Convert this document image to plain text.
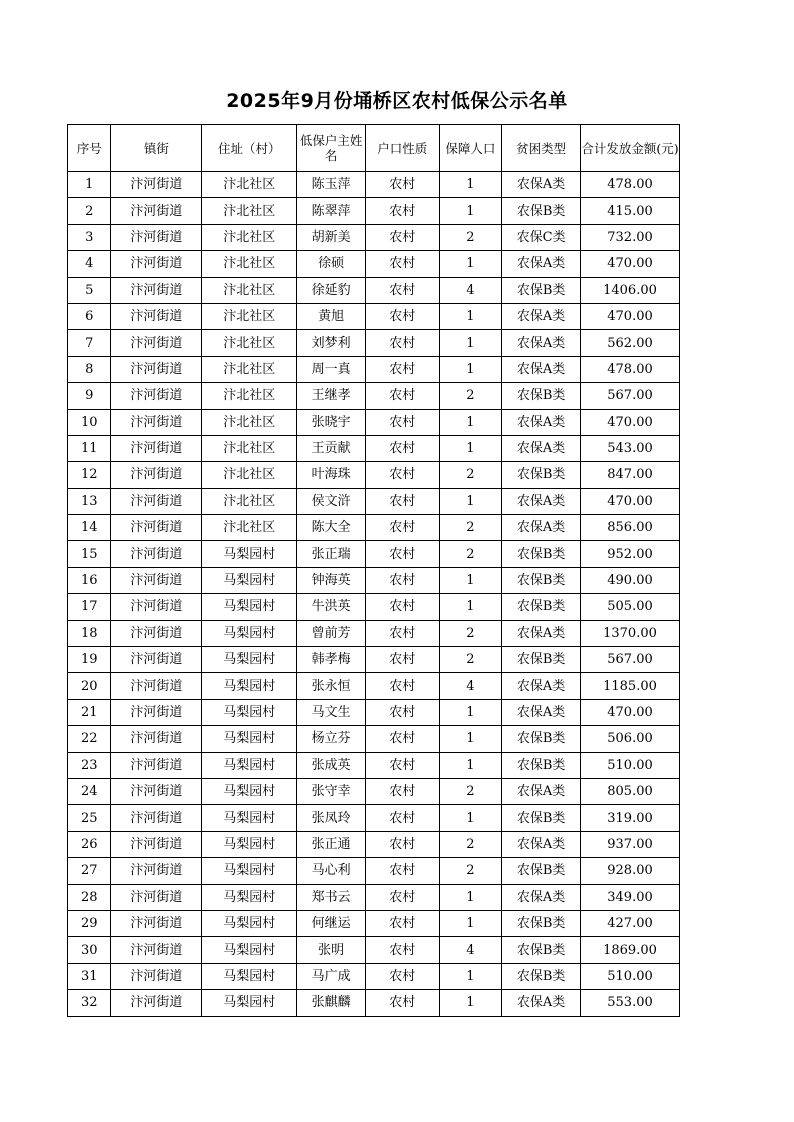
2025年9月份埇桥区农村低保公示名单
序号	镇街	住址（村）	低保户主姓名	户口性质	保障人口	贫困类型	合计发放金额(元)
1	汴河街道	汴北社区	陈玉萍	农村	1	农保A类	478.00
2	汴河街道	汴北社区	陈翠萍	农村	1	农保B类	415.00
3	汴河街道	汴北社区	胡新美	农村	2	农保C类	732.00
4	汴河街道	汴北社区	徐硕	农村	1	农保A类	470.00
5	汴河街道	汴北社区	徐延豹	农村	4	农保B类	1406.00
6	汴河街道	汴北社区	黄旭	农村	1	农保A类	470.00
7	汴河街道	汴北社区	刘梦利	农村	1	农保A类	562.00
8	汴河街道	汴北社区	周一真	农村	1	农保A类	478.00
9	汴河街道	汴北社区	王继孝	农村	2	农保B类	567.00
10	汴河街道	汴北社区	张晓宇	农村	1	农保A类	470.00
11	汴河街道	汴北社区	王贡献	农村	1	农保A类	543.00
12	汴河街道	汴北社区	叶海珠	农村	2	农保B类	847.00
13	汴河街道	汴北社区	侯文浒	农村	1	农保A类	470.00
14	汴河街道	汴北社区	陈大全	农村	2	农保A类	856.00
15	汴河街道	马梨园村	张正瑞	农村	2	农保B类	952.00
16	汴河街道	马梨园村	钟海英	农村	1	农保B类	490.00
17	汴河街道	马梨园村	牛洪英	农村	1	农保B类	505.00
18	汴河街道	马梨园村	曾前芳	农村	2	农保A类	1370.00
19	汴河街道	马梨园村	韩孝梅	农村	2	农保B类	567.00
20	汴河街道	马梨园村	张永恒	农村	4	农保A类	1185.00
21	汴河街道	马梨园村	马文生	农村	1	农保A类	470.00
22	汴河街道	马梨园村	杨立芬	农村	1	农保B类	506.00
23	汴河街道	马梨园村	张成英	农村	1	农保B类	510.00
24	汴河街道	马梨园村	张守幸	农村	2	农保A类	805.00
25	汴河街道	马梨园村	张凤玲	农村	1	农保B类	319.00
26	汴河街道	马梨园村	张正通	农村	2	农保A类	937.00
27	汴河街道	马梨园村	马心利	农村	2	农保B类	928.00
28	汴河街道	马梨园村	郑书云	农村	1	农保A类	349.00
29	汴河街道	马梨园村	何继运	农村	1	农保B类	427.00
30	汴河街道	马梨园村	张明	农村	4	农保B类	1869.00
31	汴河街道	马梨园村	马广成	农村	1	农保B类	510.00
32	汴河街道	马梨园村	张麒麟	农村	1	农保A类	553.00
